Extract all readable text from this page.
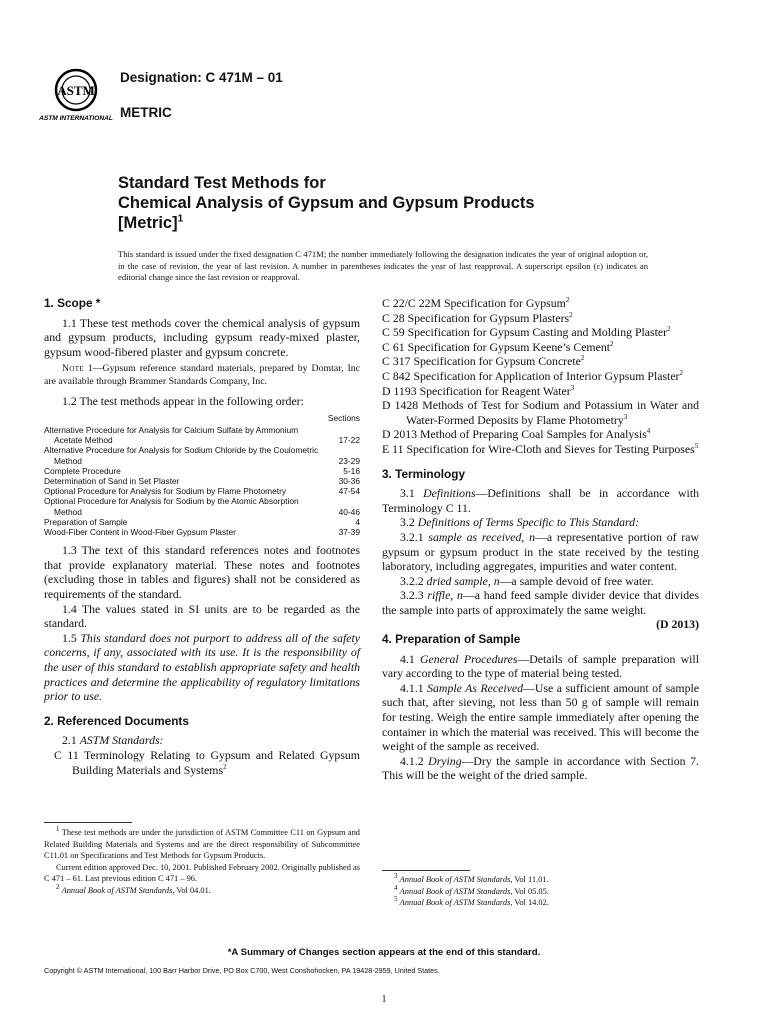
ASTM
ASTM INTERNATIONAL
Designation: C 471M – 01
METRIC
Standard Test Methods for
Chemical Analysis of Gypsum and Gypsum Products
[Metric]$^1$
This standard is issued under the fixed designation C 471M; the number immediately following the designation indicates the year of original adoption or, in the case of revision, the year of last revision. A number in parentheses indicates the year of last reapproval. A superscript epsilon (ε) indicates an editorial change since the last revision or reapproval.
1. Scope *

1.1 These test methods cover the chemical analysis of gypsum and gypsum products, including gypsum ready-mixed plaster, gypsum wood-fibered plaster and gypsum concrete.

Note 1—Gypsum reference standard materials, prepared by Domtar, Inc are available through Brammer Standards Company, Inc.

1.2 The test methods appear in the following order:

Sections
Alternative Procedure for Analysis for Calcium Sulfate by Ammonium Acetate Method	17-22
Alternative Procedure for Analysis for Sodium Chloride by the Coulometric Method	23-29
Complete Procedure	5-16
Determination of Sand in Set Plaster	30-36
Optional Procedure for Analysis for Sodium by Flame Photometry	47-54
Optional Procedure for Analysis for Sodium by the Atomic Absorption Method	40-46
Preparation of Sample	4
Wood-Fiber Content in Wood-Fiber Gypsum Plaster	37-39

1.3 The text of this standard references notes and footnotes that provide explanatory material. These notes and footnotes (excluding those in tables and figures) shall not be considered as requirements of the standard.

1.4 The values stated in SI units are to be regarded as the standard.

1.5 This standard does not purport to address all of the safety concerns, if any, associated with its use. It is the responsibility of the user of this standard to establish appropriate safety and health practices and determine the applicability of regulatory limitations prior to use.

2. Referenced Documents

2.1 ASTM Standards:

C 11 Terminology Relating to Gypsum and Related Gypsum Building Materials and Systems$^2$

$^1$ These test methods are under the jurisdiction of ASTM Committee C11 on Gypsum and Related Building Materials and Systems and are the direct responsibility of Subcommittee C11.01 on Specifications and Test Methods for Gypsum Products.

Current edition approved Dec. 10, 2001. Published February 2002. Originally published as C 471 – 61. Last previous edition C 471 – 96.

$^2$ Annual Book of ASTM Standards, Vol 04.01.

C 22/C 22M Specification for Gypsum$^2$

C 28 Specification for Gypsum Plasters$^2$

C 59 Specification for Gypsum Casting and Molding Plaster$^2$

C 61 Specification for Gypsum Keene’s Cement$^2$

C 317 Specification for Gypsum Concrete$^2$

C 842 Specification for Application of Interior Gypsum Plaster$^2$

D 1193 Specification for Reagent Water$^3$

D 1428 Methods of Test for Sodium and Potassium in Water and Water-Formed Deposits by Flame Photometry$^3$

D 2013 Method of Preparing Coal Samples for Analysis$^4$

E 11 Specification for Wire-Cloth and Sieves for Testing Purposes$^5$

3. Terminology

3.1 Definitions—Definitions shall be in accordance with Terminology C 11.

3.2 Definitions of Terms Specific to This Standard:

3.2.1 sample as received, n—a representative portion of raw gypsum or gypsum product in the state received by the testing laboratory, including aggregates, impurities and water content.

3.2.2 dried sample, n—a sample devoid of free water.

3.2.3 riffle, n—a hand feed sample divider device that divides the sample into parts of approximately the same weight.
(D 2013)

4. Preparation of Sample

4.1 General Procedures—Details of sample preparation will vary according to the type of material being tested.

4.1.1 Sample As Received—Use a sufficient amount of sample such that, after sieving, not less than 50 g of sample will remain for testing. Weigh the entire sample immediately after opening the container in which the material was received. This will become the weight of the sample as received.

4.1.2 Drying—Dry the sample in accordance with Section 7. This will be the weight of the dried sample.

$^3$ Annual Book of ASTM Standards, Vol 11.01.

$^4$ Annual Book of ASTM Standards, Vol 05.05.

$^5$ Annual Book of ASTM Standards, Vol 14.02.

*A Summary of Changes section appears at the end of this standard.
Copyright © ASTM International, 100 Barr Harbor Drive, PO Box C700, West Conshohocken, PA 19428-2959, United States.
1
